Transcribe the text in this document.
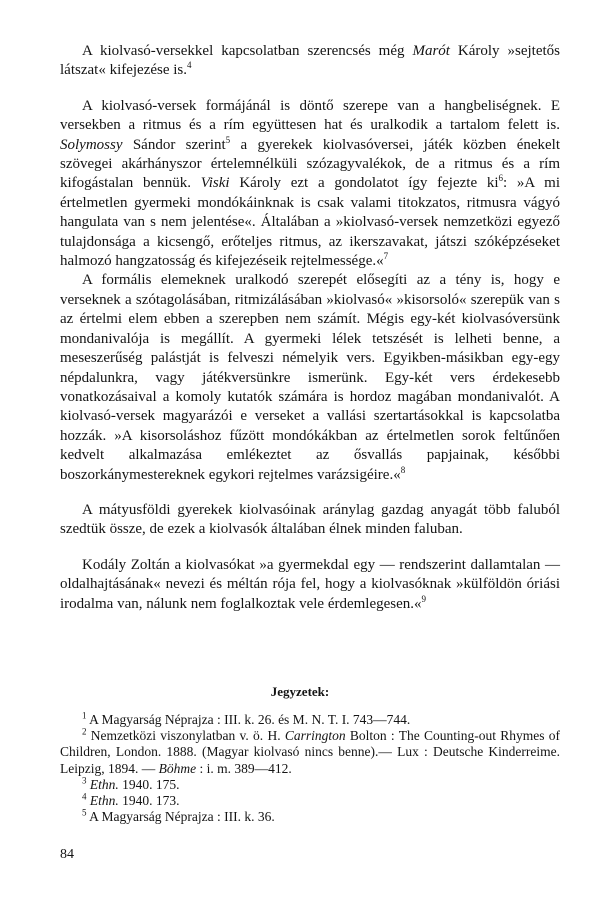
A kiolvasó-versekkel kapcsolatban szerencsés még Marót Károly »sejtetős látszat« kifejezése is.$^4$

A kiolvasó-versek formájánál is döntő szerepe van a hangbeliségnek. E versekben a ritmus és a rím együttesen hat és uralkodik a tartalom felett is. Solymossy Sándor szerint$^5$ a gyerekek kiolvasóversei, játék közben énekelt szövegei akárhányszor értelemnélküli szózagyvalékok, de a ritmus és a rím kifogástalan bennük. Viski Károly ezt a gondolatot így fejezte $ki^6$: »A mi értelmetlen gyermeki mondókáinknak is csak valami titokzatos, ritmusra vágyó hangulata van s nem jelentése«. Általában a »kiolvasó-versek nemzetközi egyező tulajdonsága a kicsengő, erőteljes ritmus, az ikerszavakat, játszi szóképzéseket halmozó hangzatosság és kifejezéseik rejtelmessége.«$^7$

A formális elemeknek uralkodó szerepét elősegíti az a tény is, hogy e verseknek a szótagolásában, ritmizálásában »kiolvasó« »kisorsoló« szerepük van s az értelmi elem ebben a szerepben nem számít. Mégis egy-két kiolvasóversünk mondanivalója is megállít. A gyermeki lélek tetszését is lelheti benne, a meseszerűség palástját is felveszi némelyik vers. Egyikben-másikban egy-egy népdalunkra, vagy játékversünkre ismerünk. Egy-két vers érdekesebb vonatkozásaival a komoly kutatók számára is hordoz magában mondanivalót. A kiolvasó-versek magyarázói e verseket a vallási szertartásokkal is kapcsolatba hozzák. »A kisorsoláshoz fűzött mondókákban az értelmetlen sorok feltűnően kedvelt alkalmazása emlékeztet az ősvallás papjainak, későbbi boszorkánymestereknek egykori rejtelmes varázsigéire.«$^8$

A mátyusföldi gyerekek kiolvasóinak aránylag gazdag anyagát több faluból szedtük össze, de ezek a kiolvasók általában élnek minden faluban.

Kodály Zoltán a kiolvasókat »a gyermekdal egy — rendszerint dallamtalan — oldalhajtásának« nevezi és méltán rója fel, hogy a kiolvasóknak »külföldön óriási irodalma van, nálunk nem foglalkoztak vele érdemlegesen.«$^9$

Jegyzetek:

$^1$ A Magyarság Néprajza : III. k. 26. és M. N. T. I. 743—744.

$^2$ Nemzetközi viszonylatban v. ö. H. Carrington Bolton : The Counting-out Rhymes of Children, London. 1888. (Magyar kiolvasó nincs benne).— Lux : Deutsche Kinderreime. Leipzig, 1894. — Böhme : i. m. 389—412.

$^3$ Ethn. 1940. 175.

$^4$ Ethn. 1940. 173.

$^5$ A Magyarság Néprajza : III. k. 36.

84
